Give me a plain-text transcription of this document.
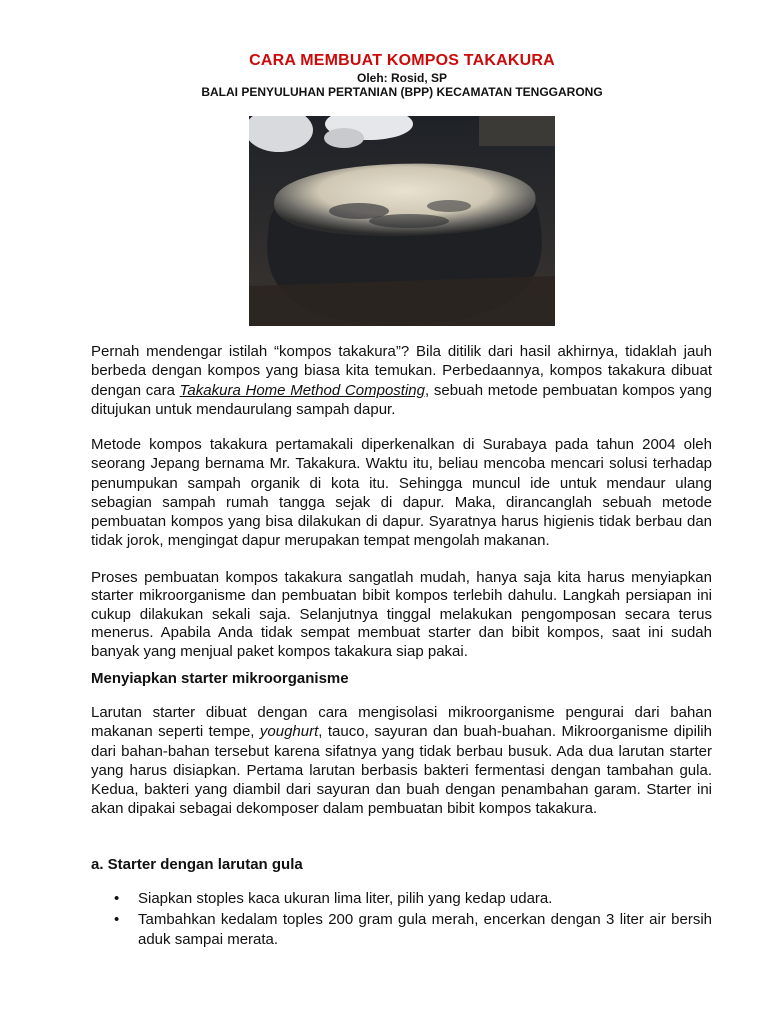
CARA MEMBUAT KOMPOS TAKAKURA
Oleh: Rosid, SP
BALAI PENYULUHAN PERTANIAN (BPP) KECAMATAN TENGGARONG

Pernah mendengar istilah “kompos takakura”? Bila ditilik dari hasil akhirnya, tidaklah jauh berbeda dengan kompos yang biasa kita temukan. Perbedaannya, kompos takakura dibuat dengan cara Takakura Home Method Composting, sebuah metode pembuatan kompos yang ditujukan untuk mendaurulang sampah dapur.

Metode kompos takakura pertamakali diperkenalkan di Surabaya pada tahun 2004 oleh seorang Jepang bernama Mr. Takakura. Waktu itu, beliau mencoba mencari solusi terhadap penumpukan sampah organik di kota itu. Sehingga muncul ide untuk mendaur ulang sebagian sampah rumah tangga sejak di dapur. Maka, dirancanglah sebuah metode pembuatan kompos yang bisa dilakukan di dapur. Syaratnya harus higienis tidak berbau dan tidak jorok, mengingat dapur merupakan tempat mengolah makanan.

Proses pembuatan kompos takakura sangatlah mudah, hanya saja kita harus menyiapkan starter mikroorganisme dan pembuatan bibit kompos terlebih dahulu. Langkah persiapan ini cukup dilakukan sekali saja. Selanjutnya tinggal melakukan pengomposan secara terus menerus. Apabila Anda tidak sempat membuat starter dan bibit kompos, saat ini sudah banyak yang menjual paket kompos takakura siap pakai.

Menyiapkan starter mikroorganisme

Larutan starter dibuat dengan cara mengisolasi mikroorganisme pengurai dari bahan makanan seperti tempe, youghurt, tauco, sayuran dan buah-buahan. Mikroorganisme dipilih dari bahan-bahan tersebut karena sifatnya yang tidak berbau busuk. Ada dua larutan starter yang harus disiapkan. Pertama larutan berbasis bakteri fermentasi dengan tambahan gula. Kedua, bakteri yang diambil dari sayuran dan buah dengan penambahan garam. Starter ini akan dipakai sebagai dekomposer dalam pembuatan bibit kompos takakura.

a. Starter dengan larutan gula
• Siapkan stoples kaca ukuran lima liter, pilih yang kedap udara.
• Tambahkan kedalam toples 200 gram gula merah, encerkan dengan 3 liter air bersih aduk sampai merata.
